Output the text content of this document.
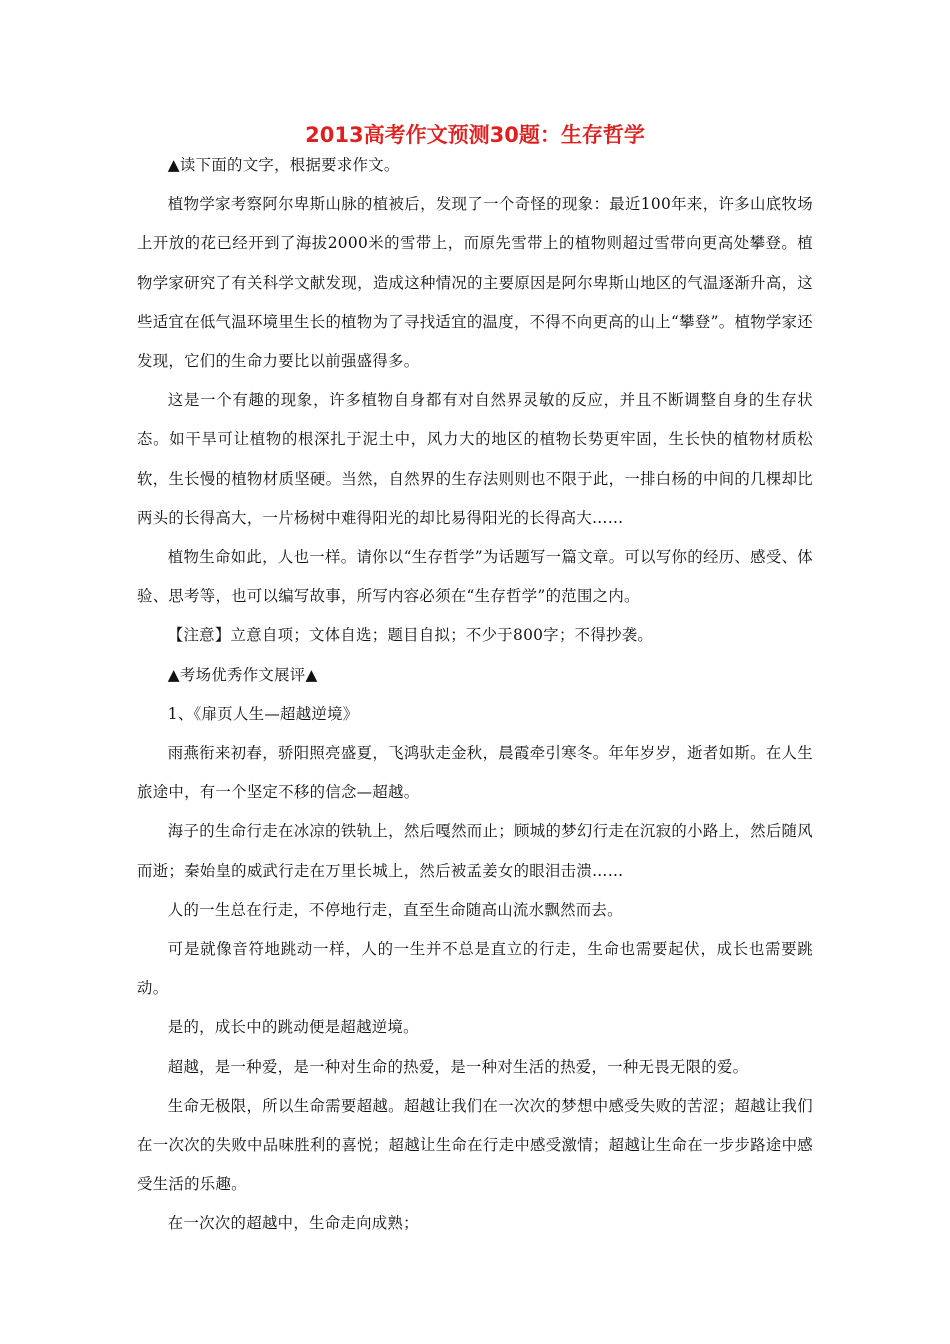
2013高考作文预测30题：生存哲学

▲读下面的文字，根据要求作文。

植物学家考察阿尔卑斯山脉的植被后，发现了一个奇怪的现象：最近100年来，许多山底牧场上开放的花已经开到了海拔2000米的雪带上，而原先雪带上的植物则超过雪带向更高处攀登。植物学家研究了有关科学文献发现，造成这种情况的主要原因是阿尔卑斯山地区的气温逐渐升高，这些适宜在低气温环境里生长的植物为了寻找适宜的温度，不得不向更高的山上“攀登”。植物学家还发现，它们的生命力要比以前强盛得多。

这是一个有趣的现象，许多植物自身都有对自然界灵敏的反应，并且不断调整自身的生存状态。如干旱可让植物的根深扎于泥土中，风力大的地区的植物长势更牢固，生长快的植物材质松软，生长慢的植物材质坚硬。当然，自然界的生存法则则也不限于此，一排白杨的中间的几棵却比两头的长得高大，一片杨树中难得阳光的却比易得阳光的长得高大……

植物生命如此，人也一样。请你以“生存哲学”为话题写一篇文章。可以写你的经历、感受、体验、思考等，也可以编写故事，所写内容必须在“生存哲学”的范围之内。

【注意】立意自项；文体自选；题目自拟；不少于800字；不得抄袭。

▲考场优秀作文展评▲

1、《扉页人生—超越逆境》

雨燕衔来初春，骄阳照亮盛夏，飞鸿驮走金秋，晨霞牵引寒冬。年年岁岁，逝者如斯。在人生旅途中，有一个坚定不移的信念—超越。

海子的生命行走在冰凉的铁轨上，然后嘎然而止；顾城的梦幻行走在沉寂的小路上，然后随风而逝；秦始皇的威武行走在万里长城上，然后被孟姜女的眼泪击溃……

人的一生总在行走，不停地行走，直至生命随高山流水飘然而去。

可是就像音符地跳动一样，人的一生并不总是直立的行走，生命也需要起伏，成长也需要跳动。

是的，成长中的跳动便是超越逆境。

超越，是一种爱，是一种对生命的热爱，是一种对生活的热爱，一种无畏无限的爱。

生命无极限，所以生命需要超越。超越让我们在一次次的梦想中感受失败的苦涩；超越让我们在一次次的失败中品味胜利的喜悦；超越让生命在行走中感受激情；超越让生命在一步步路途中感受生活的乐趣。

在一次次的超越中，生命走向成熟；
